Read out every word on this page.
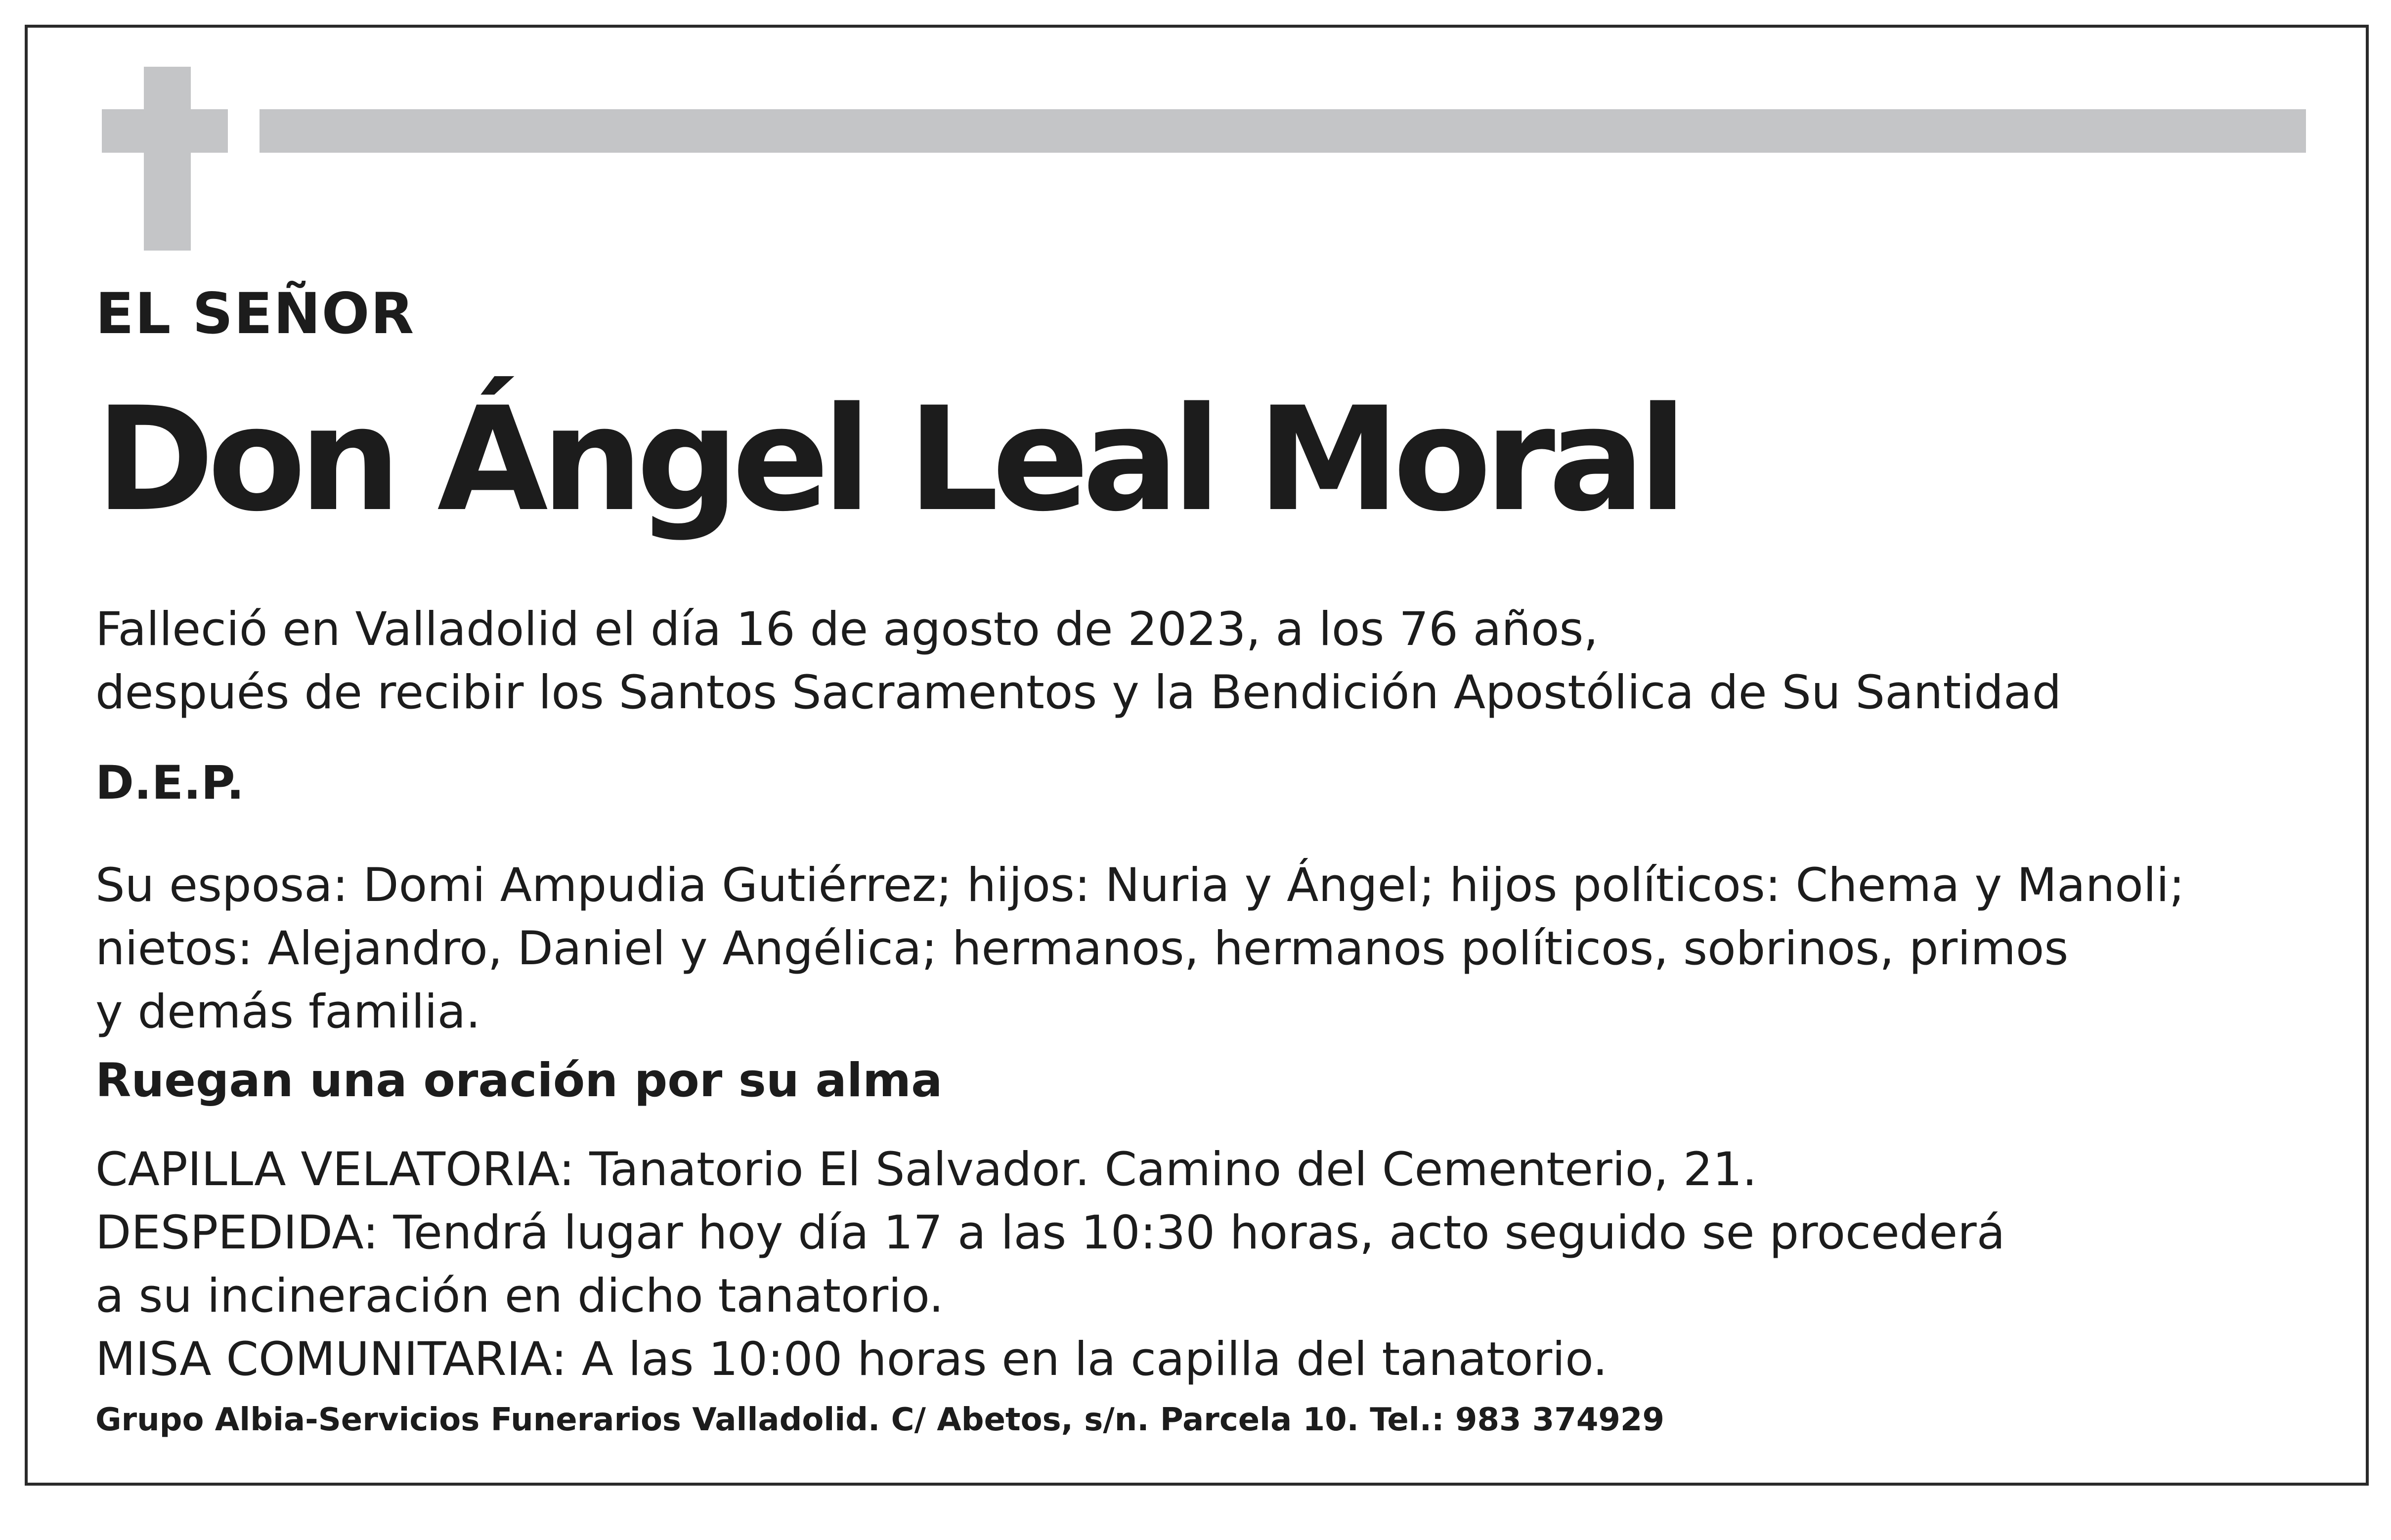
EL SEÑOR

Don Ángel Leal Moral

Falleció en Valladolid el día 16 de agosto de 2023, a los 76 años,
después de recibir los Santos Sacramentos y la Bendición Apostólica de Su Santidad

D.E.P.

Su esposa: Domi Ampudia Gutiérrez; hijos: Nuria y Ángel; hijos políticos: Chema y Manoli;
nietos: Alejandro, Daniel y Angélica; hermanos, hermanos políticos, sobrinos, primos
y demás familia.

Ruegan una oración por su alma

CAPILLA VELATORIA: Tanatorio El Salvador. Camino del Cementerio, 21.
DESPEDIDA: Tendrá lugar hoy día 17 a las 10:30 horas, acto seguido se procederá
a su incineración en dicho tanatorio.
MISA COMUNITARIA: A las 10:00 horas en la capilla del tanatorio.

Grupo Albia-Servicios Funerarios Valladolid. C/ Abetos, s/n. Parcela 10. Tel.: 983 374929
